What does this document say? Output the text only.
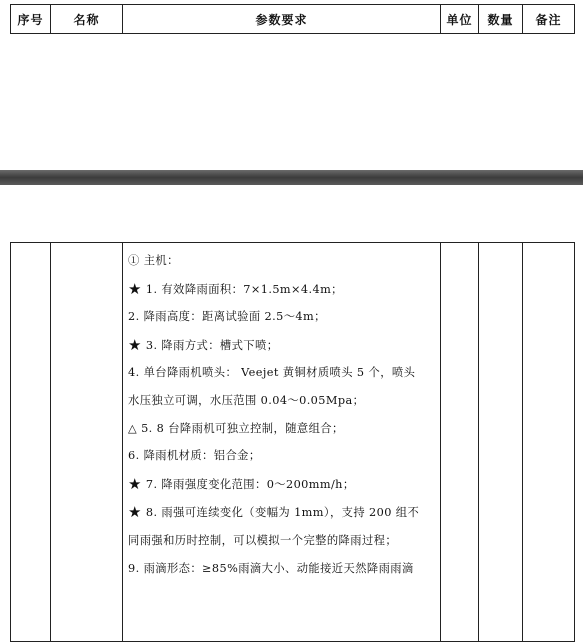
序号	名称	参数要求	单位	数量	备注

① 主机：
★ 1. 有效降雨面积：7×1.5m×4.4m；
2. 降雨高度：距离试验面 2.5～4m；
★ 3. 降雨方式：槽式下喷；
4. 单台降雨机喷头： Veejet 黄铜材质喷头 5 个，喷头
水压独立可调，水压范围 0.04～0.05Mpa；
△ 5. 8 台降雨机可独立控制，随意组合；
6. 降雨机材质：铝合金；
★ 7. 降雨强度变化范围：0～200mm/h；
★ 8. 雨强可连续变化（变幅为 1mm），支持 200 组不
同雨强和历时控制，可以模拟一个完整的降雨过程；
9. 雨滴形态：≥85%雨滴大小、动能接近天然降雨雨滴
